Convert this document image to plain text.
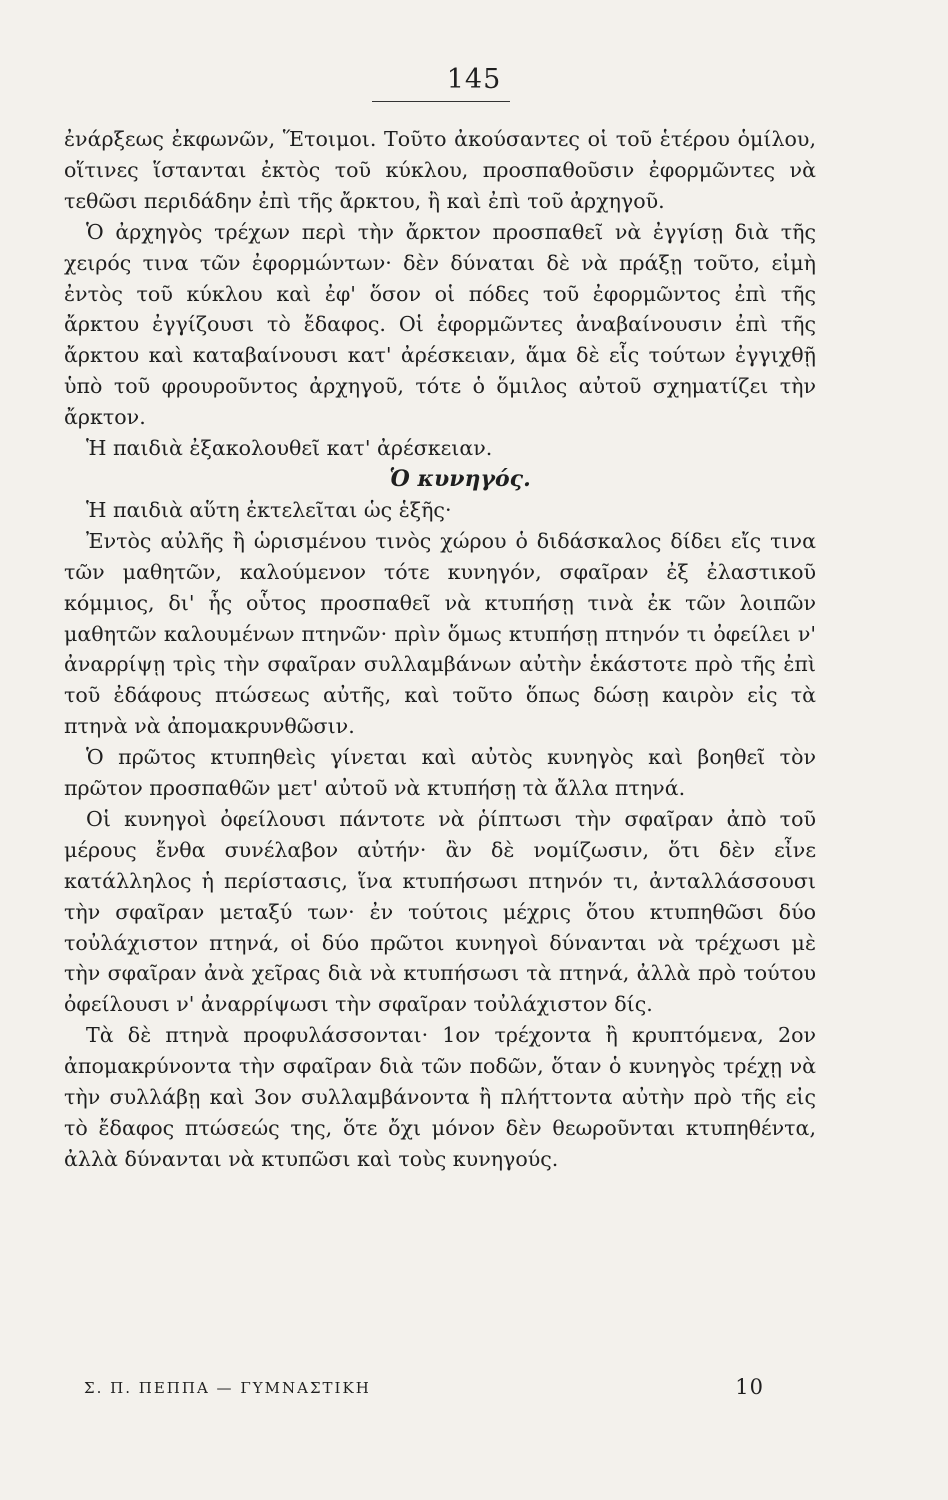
145

ἐνάρξεως ἐκφωνῶν, Ἕτοιμοι. Τοῦτο ἀκούσαντες οἱ τοῦ ἑτέρου ὁμίλου, οἵτινες ἵστανται ἐκτὸς τοῦ κύκλου, προσπαθοῦσιν ἐφορμῶντες νὰ τεθῶσι περιδάδην ἐπὶ τῆς ἄρκτου, ἢ καὶ ἐπὶ τοῦ ἀρχηγοῦ.

Ὁ ἀρχηγὸς τρέχων περὶ τὴν ἄρκτον προσπαθεῖ νὰ ἐγγίσῃ διὰ τῆς χειρός τινα τῶν ἐφορμώντων· δὲν δύναται δὲ νὰ πράξῃ τοῦτο, εἰμὴ ἐντὸς τοῦ κύκλου καὶ ἐφ' ὅσον οἱ πόδες τοῦ ἐφορμῶντος ἐπὶ τῆς ἄρκτου ἐγγίζουσι τὸ ἔδαφος. Οἱ ἐφορμῶντες ἀναβαίνουσιν ἐπὶ τῆς ἄρκτου καὶ καταβαίνουσι κατ' ἀρέσκειαν, ἅμα δὲ εἷς τούτων ἐγγιχθῇ ὑπὸ τοῦ φρουροῦντος ἀρχηγοῦ, τότε ὁ ὅμιλος αὐτοῦ σχηματίζει τὴν ἄρκτον.

Ἡ παιδιὰ ἐξακολουθεῖ κατ' ἀρέσκειαν.

Ὁ κυνηγός.

Ἡ παιδιὰ αὕτη ἐκτελεῖται ὡς ἑξῆς·

Ἐντὸς αὐλῆς ἢ ὡρισμένου τινὸς χώρου ὁ διδάσκαλος δίδει εἴς τινα τῶν μαθητῶν, καλούμενον τότε κυνηγόν, σφαῖραν ἐξ ἐλαστικοῦ κόμμιος, δι' ἧς οὗτος προσπαθεῖ νὰ κτυπήσῃ τινὰ ἐκ τῶν λοιπῶν μαθητῶν καλουμένων πτηνῶν· πρὶν ὅμως κτυπήσῃ πτηνόν τι ὀφείλει ν' ἀναρρίψῃ τρὶς τὴν σφαῖραν συλλαμβάνων αὐτὴν ἑκάστοτε πρὸ τῆς ἐπὶ τοῦ ἐδάφους πτώσεως αὐτῆς, καὶ τοῦτο ὅπως δώσῃ καιρὸν εἰς τὰ πτηνὰ νὰ ἀπομακρυνθῶσιν.

Ὁ πρῶτος κτυπηθεὶς γίνεται καὶ αὐτὸς κυνηγὸς καὶ βοηθεῖ τὸν πρῶτον προσπαθῶν μετ' αὐτοῦ νὰ κτυπήσῃ τὰ ἄλλα πτηνά.

Οἱ κυνηγοὶ ὀφείλουσι πάντοτε νὰ ῥίπτωσι τὴν σφαῖραν ἀπὸ τοῦ μέρους ἔνθα συνέλαβον αὐτήν· ἂν δὲ νομίζωσιν, ὅτι δὲν εἶνε κατάλληλος ἡ περίστασις, ἵνα κτυπήσωσι πτηνόν τι, ἀνταλλάσσουσι τὴν σφαῖραν μεταξύ των· ἐν τούτοις μέχρις ὅτου κτυπηθῶσι δύο τοὐλάχιστον πτηνά, οἱ δύο πρῶτοι κυνηγοὶ δύνανται νὰ τρέχωσι μὲ τὴν σφαῖραν ἀνὰ χεῖρας διὰ νὰ κτυπήσωσι τὰ πτηνά, ἀλλὰ πρὸ τούτου ὀφείλουσι ν' ἀναρρίψωσι τὴν σφαῖραν τοὐλάχιστον δίς.

Τὰ δὲ πτηνὰ προφυλάσσονται· 1ον τρέχοντα ἢ κρυπτόμενα, 2ον ἀπομακρύνοντα τὴν σφαῖραν διὰ τῶν ποδῶν, ὅταν ὁ κυνηγὸς τρέχῃ νὰ τὴν συλλάβῃ καὶ 3ον συλλαμβάνοντα ἢ πλήττοντα αὐτὴν πρὸ τῆς εἰς τὸ ἔδαφος πτώσεώς της, ὅτε ὄχι μόνον δὲν θεωροῦνται κτυπηθέντα, ἀλλὰ δύνανται νὰ κτυπῶσι καὶ τοὺς κυνηγούς.

Σ. Π. ΠΕΠΠΑ — ΓΥΜΝΑΣΤΙΚΗ	10
